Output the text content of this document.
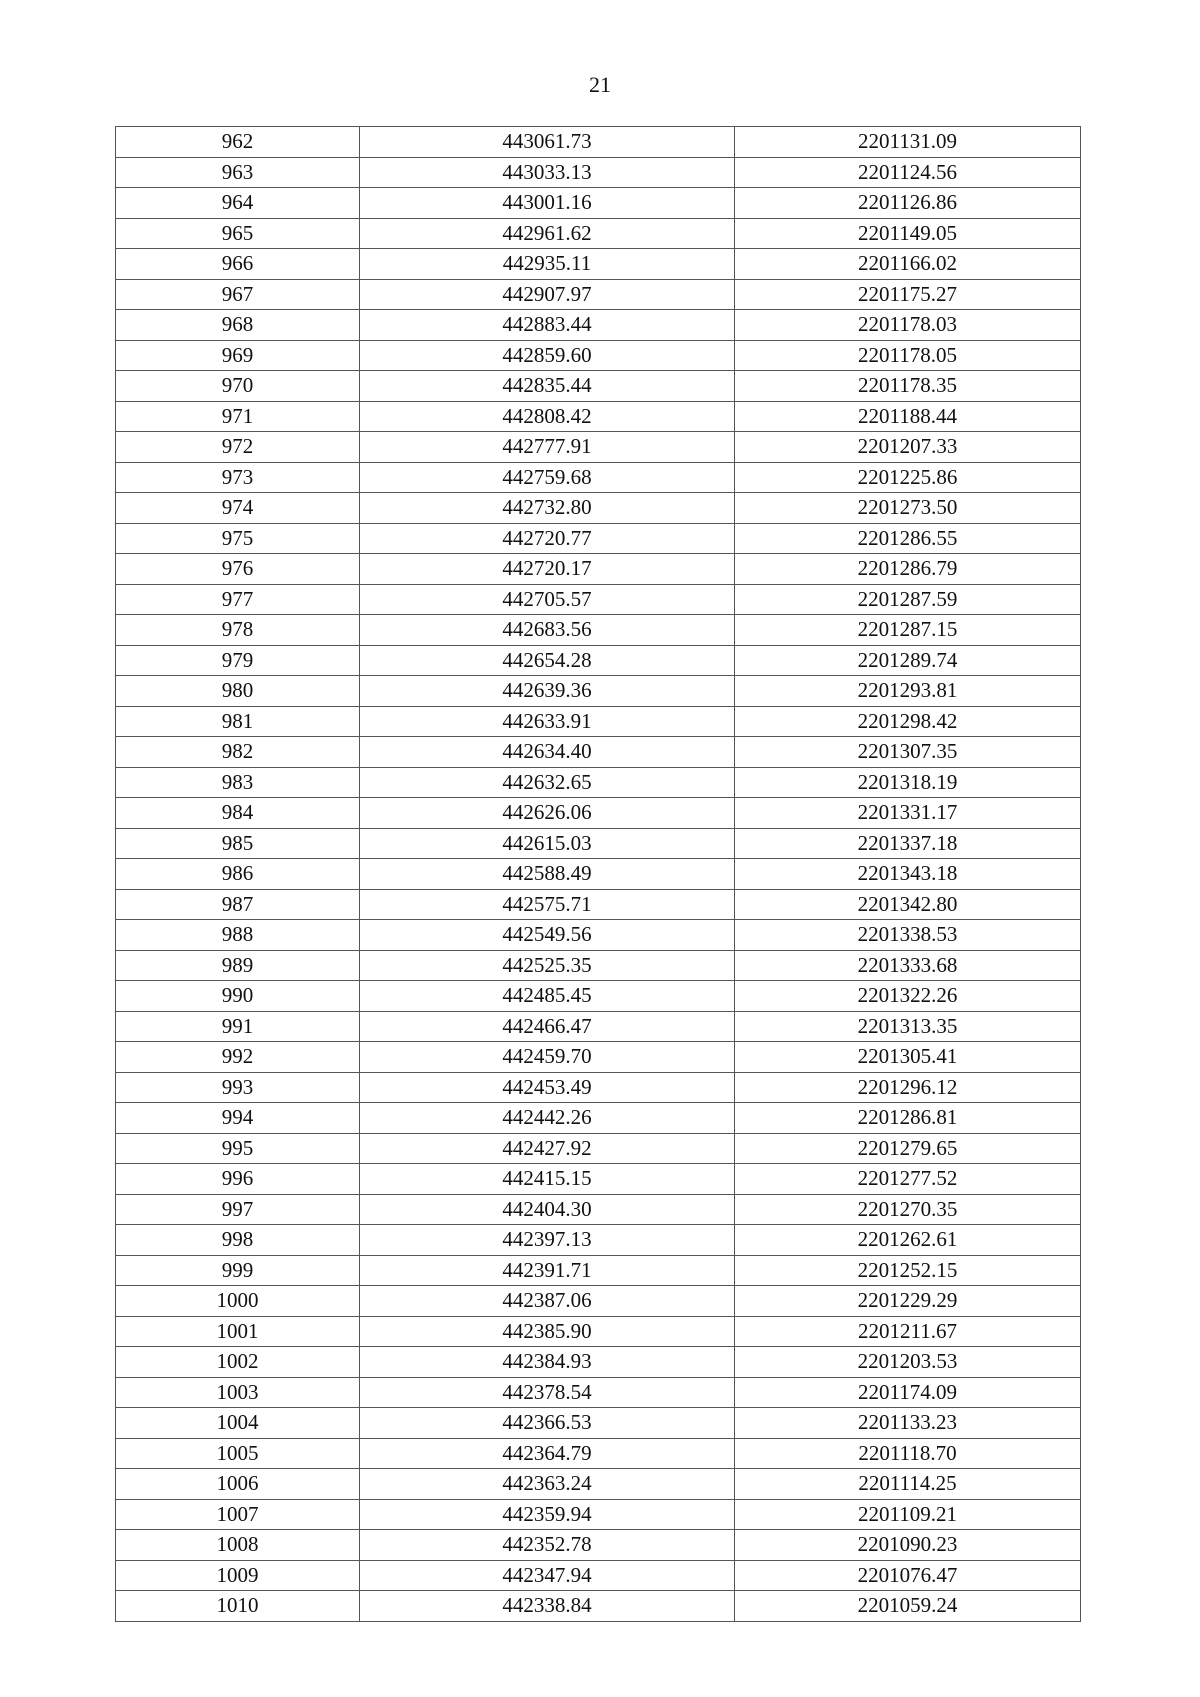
21
962	443061.73	2201131.09
963	443033.13	2201124.56
964	443001.16	2201126.86
965	442961.62	2201149.05
966	442935.11	2201166.02
967	442907.97	2201175.27
968	442883.44	2201178.03
969	442859.60	2201178.05
970	442835.44	2201178.35
971	442808.42	2201188.44
972	442777.91	2201207.33
973	442759.68	2201225.86
974	442732.80	2201273.50
975	442720.77	2201286.55
976	442720.17	2201286.79
977	442705.57	2201287.59
978	442683.56	2201287.15
979	442654.28	2201289.74
980	442639.36	2201293.81
981	442633.91	2201298.42
982	442634.40	2201307.35
983	442632.65	2201318.19
984	442626.06	2201331.17
985	442615.03	2201337.18
986	442588.49	2201343.18
987	442575.71	2201342.80
988	442549.56	2201338.53
989	442525.35	2201333.68
990	442485.45	2201322.26
991	442466.47	2201313.35
992	442459.70	2201305.41
993	442453.49	2201296.12
994	442442.26	2201286.81
995	442427.92	2201279.65
996	442415.15	2201277.52
997	442404.30	2201270.35
998	442397.13	2201262.61
999	442391.71	2201252.15
1000	442387.06	2201229.29
1001	442385.90	2201211.67
1002	442384.93	2201203.53
1003	442378.54	2201174.09
1004	442366.53	2201133.23
1005	442364.79	2201118.70
1006	442363.24	2201114.25
1007	442359.94	2201109.21
1008	442352.78	2201090.23
1009	442347.94	2201076.47
1010	442338.84	2201059.24
